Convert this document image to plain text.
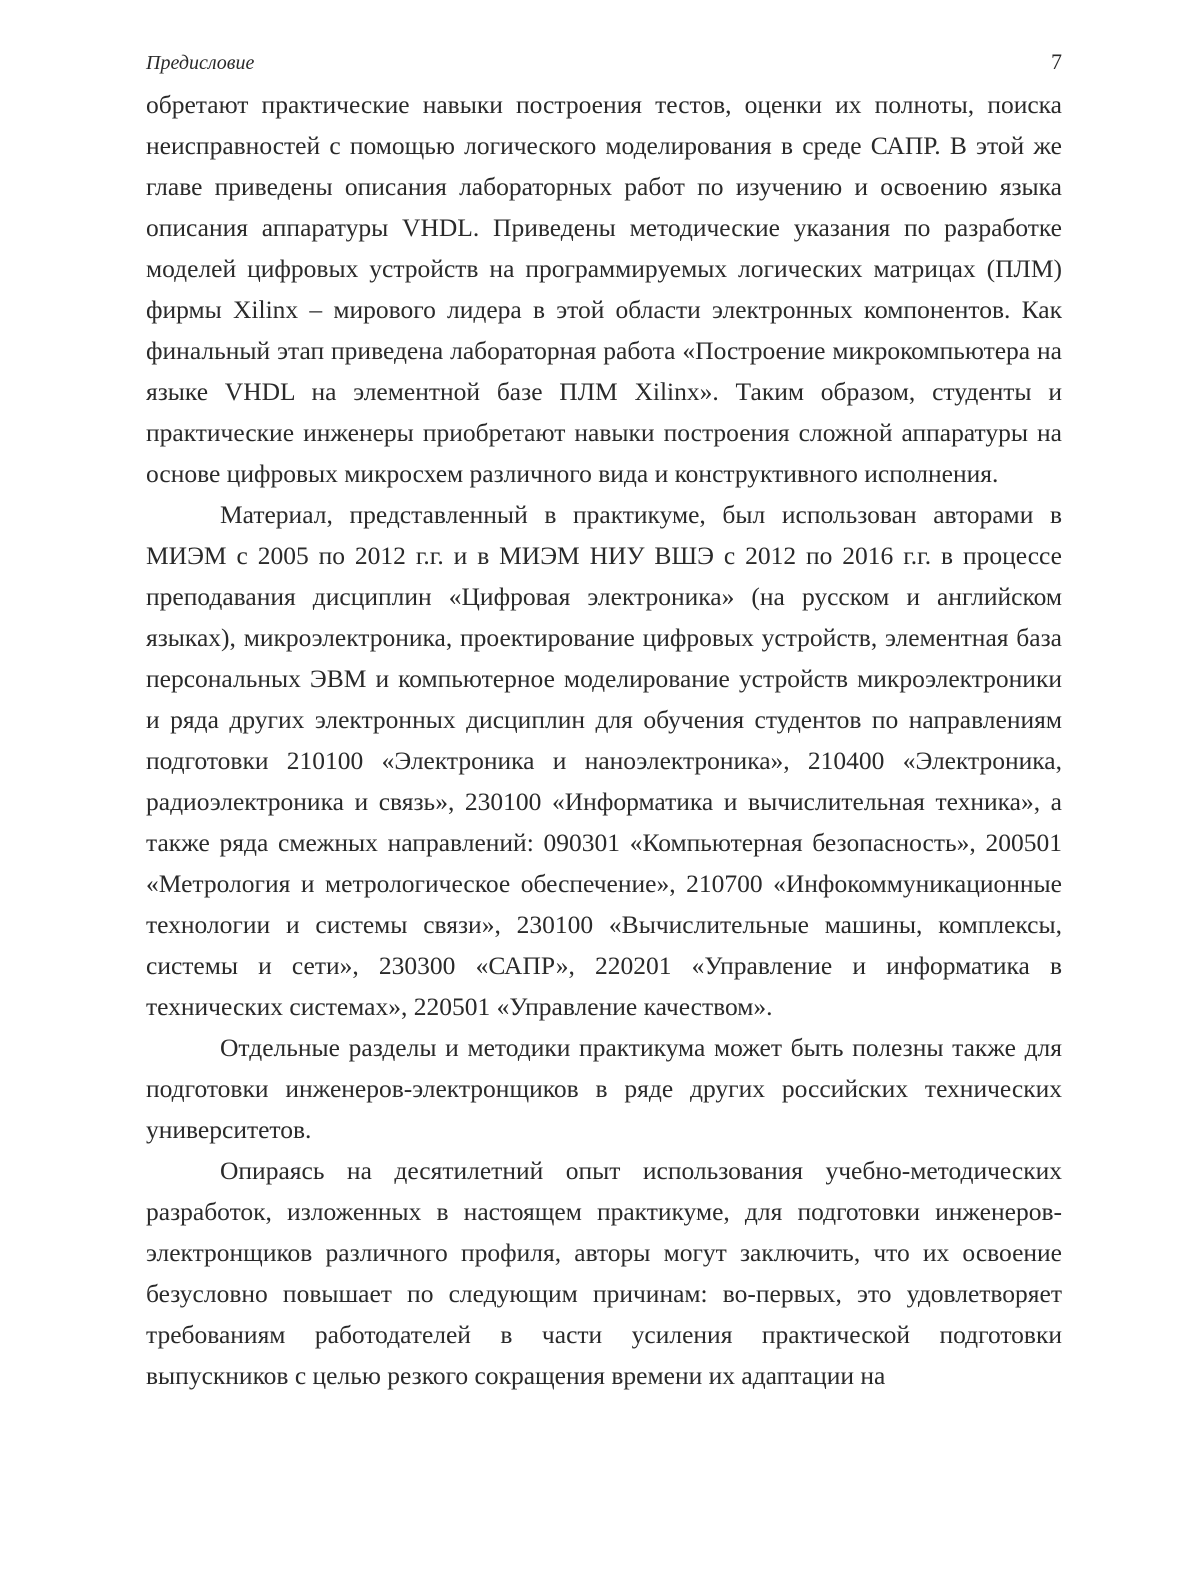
Предисловие	7

обретают практические навыки построения тестов, оценки их полноты, поиска неисправностей с помощью логического моделирования в среде САПР. В этой же главе приведены описания лабораторных работ по изучению и освоению языка описания аппаратуры VHDL. Приведены методические указания по разработке моделей цифровых устройств на программируемых логических матрицах (ПЛМ) фирмы Xilinx – мирового лидера в этой области электронных компонентов. Как финальный этап приведена лабораторная работа «Построение микрокомпьютера на языке VHDL на элементной базе ПЛМ Xilinx». Таким образом, студенты и практические инженеры приобретают навыки построения сложной аппаратуры на основе цифровых микросхем различного вида и конструктивного исполнения.

Материал, представленный в практикуме, был использован авторами в МИЭМ с 2005 по 2012 г.г. и в МИЭМ НИУ ВШЭ с 2012 по 2016 г.г. в процессе преподавания дисциплин «Цифровая электроника» (на русском и английском языках), микроэлектроника, проектирование цифровых устройств, элементная база персональных ЭВМ и компьютерное моделирование устройств микроэлектроники и ряда других электронных дисциплин для обучения студентов по направлениям подготовки 210100 «Электроника и наноэлектроника», 210400 «Электроника, радиоэлектроника и связь», 230100 «Информатика и вычислительная техника», а также ряда смежных направлений: 090301 «Компьютерная безопасность», 200501 «Метрология и метрологическое обеспечение», 210700 «Инфокоммуникационные технологии и системы связи», 230100 «Вычислительные машины, комплексы, системы и сети», 230300 «САПР», 220201 «Управление и информатика в технических системах», 220501 «Управление качеством».

Отдельные разделы и методики практикума может быть полезны также для подготовки инженеров-электронщиков в ряде других российских технических университетов.

Опираясь на десятилетний опыт использования учебно-методических разработок, изложенных в настоящем практикуме, для подготовки инженеров-электронщиков различного профиля, авторы могут заключить, что их освоение безусловно повышает по следующим причинам: во-первых, это удовлетворяет требованиям работодателей в части усиления практической подготовки выпускников с целью резкого сокращения времени их адаптации на
